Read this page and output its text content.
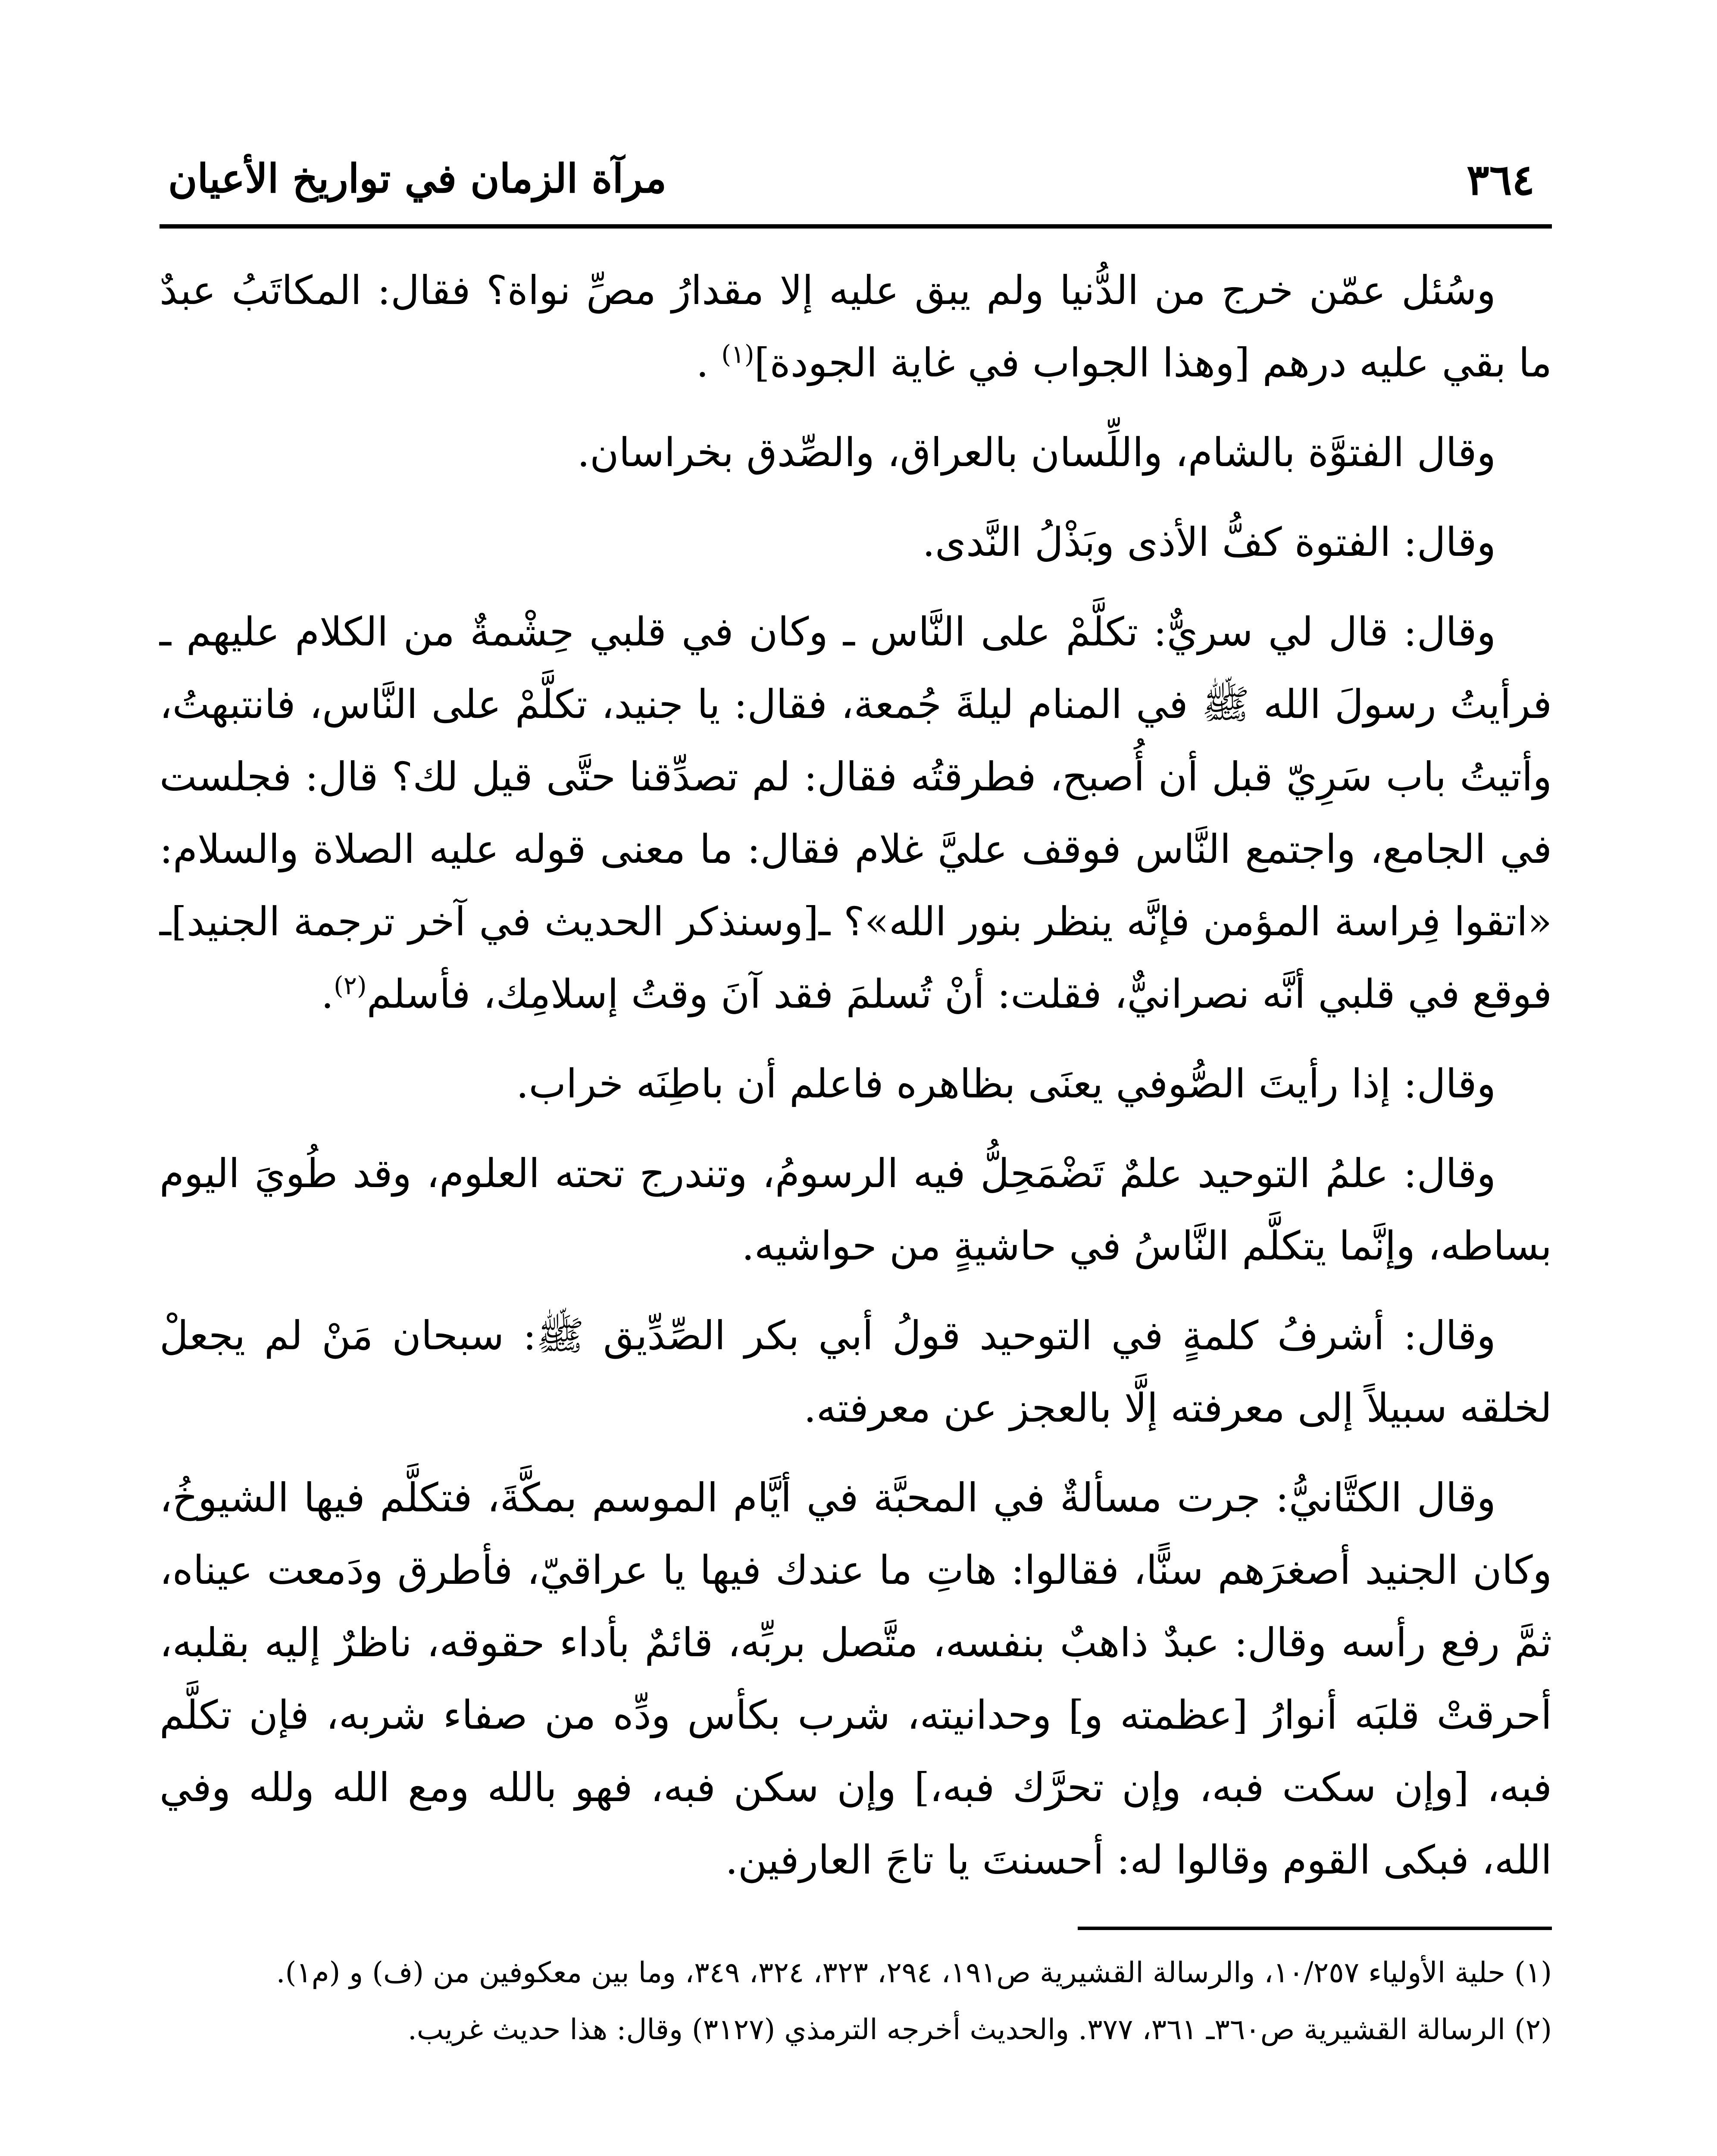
٣٦٤
مرآة الزمان في تواريخ الأعيان

وسُئل عمّن خرج من الدُّنيا ولم يبق عليه إلا مقدارُ مصِّ نواة؟ فقال: المكاتَبُ عبدٌ ما بقي عليه درهم [وهذا الجواب في غاية الجودة]$^{(١)}$ .

وقال الفتوَّة بالشام، واللِّسان بالعراق، والصِّدق بخراسان.

وقال: الفتوة كفُّ الأذى وبَذْلُ النَّدى.

وقال: قال لي سريٌّ: تكلَّمْ على النَّاس ـ وكان في قلبي حِشْمةٌ من الكلام عليهم ـ فرأيتُ رسولَ الله ﷺ في المنام ليلةَ جُمعة، فقال: يا جنيد، تكلَّمْ على النَّاس، فانتبهتُ، وأتيتُ باب سَرِيّ قبل أن أُصبح، فطرقتُه فقال: لم تصدِّقنا حتَّى قيل لك؟ قال: فجلست في الجامع، واجتمع النَّاس فوقف عليَّ غلام فقال: ما معنى قوله عليه الصلاة والسلام: «اتقوا فِراسة المؤمن فإنَّه ينظر بنور الله»؟ ـ[وسنذكر الحديث في آخر ترجمة الجنيد]ـ فوقع في قلبي أنَّه نصرانيٌّ، فقلت: أنْ تُسلمَ فقد آنَ وقتُ إسلامِك، فأسلم$^{(٢)}$.

وقال: إذا رأيتَ الصُّوفي يعنَى بظاهره فاعلم أن باطِنَه خراب.

وقال: علمُ التوحيد علمٌ تَضْمَحِلُّ فيه الرسومُ، وتندرج تحته العلوم، وقد طُويَ اليوم بساطه، وإنَّما يتكلَّم النَّاسُ في حاشيةٍ من حواشيه.

وقال: أشرفُ كلمةٍ في التوحيد قولُ أبي بكر الصِّدِّيق ﷺ: سبحان مَنْ لم يجعلْ لخلقه سبيلاً إلى معرفته إلَّا بالعجز عن معرفته.

وقال الكتَّانيُّ: جرت مسألةٌ في المحبَّة في أيَّام الموسم بمكَّةَ، فتكلَّم فيها الشيوخُ، وكان الجنيد أصغرَهم سنًّا، فقالوا: هاتِ ما عندك فيها يا عراقيّ، فأطرق ودَمعت عيناه، ثمَّ رفع رأسه وقال: عبدٌ ذاهبٌ بنفسه، متَّصل بربِّه، قائمٌ بأداء حقوقه، ناظرٌ إليه بقلبه، أحرقتْ قلبَه أنوارُ [عظمته و] وحدانيته، شرب بكأس ودِّه من صفاء شربه، فإن تكلَّم فبه، [وإن سكت فبه، وإن تحرَّك فبه،] وإن سكن فبه، فهو بالله ومع الله ولله وفي الله، فبكى القوم وقالوا له: أحسنتَ يا تاجَ العارفين.

(١) حلية الأولياء ١٠/٢٥٧، والرسالة القشيرية ص١٩١، ٢٩٤، ٣٢٣، ٣٢٤، ٣٤٩، وما بين معكوفين من (ف) و (م١).

(٢) الرسالة القشيرية ص٣٦٠ـ ٣٦١، ٣٧٧. والحديث أخرجه الترمذي (٣١٢٧) وقال: هذا حديث غريب.
